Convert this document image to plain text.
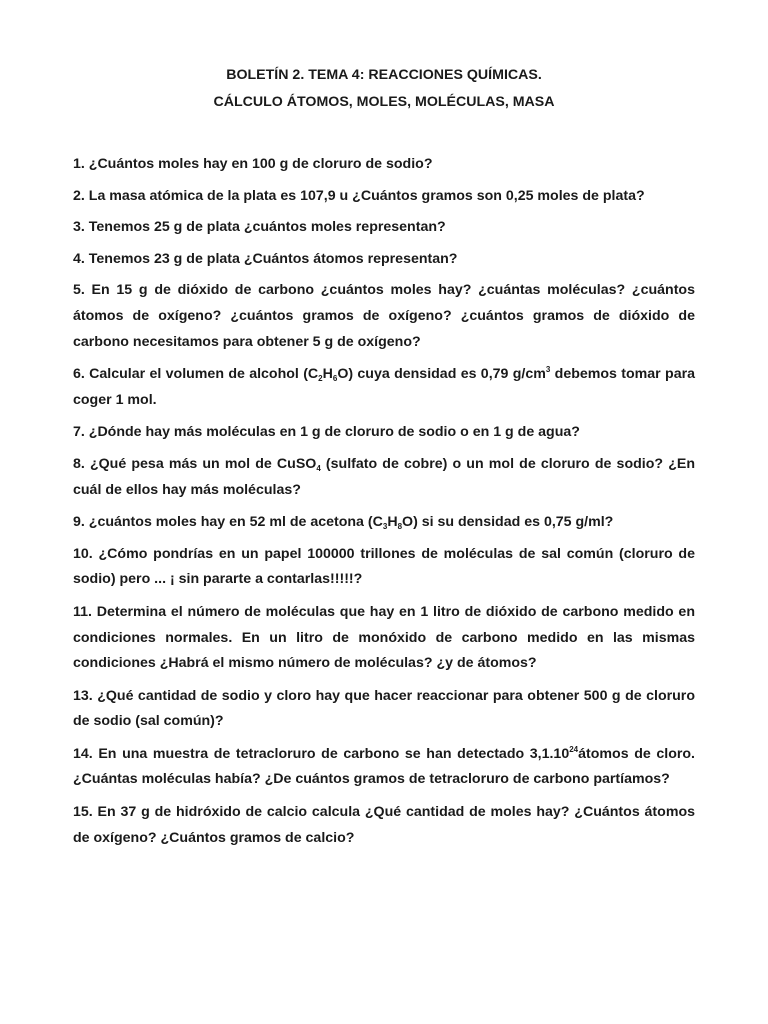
BOLETÍN 2. TEMA 4: REACCIONES QUÍMICAS.
CÁLCULO ÁTOMOS, MOLES, MOLÉCULAS, MASA
1. ¿Cuántos moles hay en 100 g de cloruro de sodio?
2. La masa atómica de la plata es 107,9 u ¿Cuántos gramos son 0,25 moles de plata?
3. Tenemos 25 g de plata ¿cuántos moles representan?
4. Tenemos 23 g de plata ¿Cuántos átomos representan?
5. En 15 g de dióxido de carbono ¿cuántos moles hay? ¿cuántas moléculas? ¿cuántos átomos de oxígeno? ¿cuántos gramos de oxígeno? ¿cuántos gramos de dióxido de carbono necesitamos para obtener 5 g de oxígeno?
6. Calcular el volumen de alcohol $(C_2H_6O)$ cuya densidad es 0,79 $g/cm^3$ debemos tomar para coger 1 mol.
7. ¿Dónde hay más moléculas en 1 g de cloruro de sodio o en 1 g de agua?
8. ¿Qué pesa más un mol de CuSO$_4$ (sulfato de cobre) o un mol de cloruro de sodio? ¿En cuál de ellos hay más moléculas?
9. ¿cuántos moles hay en 52 ml de acetona $(C_3H_8O)$ si su densidad es 0,75 g/ml?
10. ¿Cómo pondrías en un papel 100000 trillones de moléculas de sal común (cloruro de sodio) pero ... ¡ sin pararte a contarlas!!!!!?
11. Determina el número de moléculas que hay en 1 litro de dióxido de carbono medido en condiciones normales. En un litro de monóxido de carbono medido en las mismas condiciones ¿Habrá el mismo número de moléculas? ¿y de átomos?
13. ¿Qué cantidad de sodio y cloro hay que hacer reaccionar para obtener 500 g de cloruro de sodio (sal común)?
14. En una muestra de tetracloruro de carbono se han detectado 3,1.10$^{24}$átomos de cloro. ¿Cuántas moléculas había? ¿De cuántos gramos de tetracloruro de carbono partíamos?
15. En 37 g de hidróxido de calcio calcula ¿Qué cantidad de moles hay? ¿Cuántos átomos de oxígeno? ¿Cuántos gramos de calcio?
